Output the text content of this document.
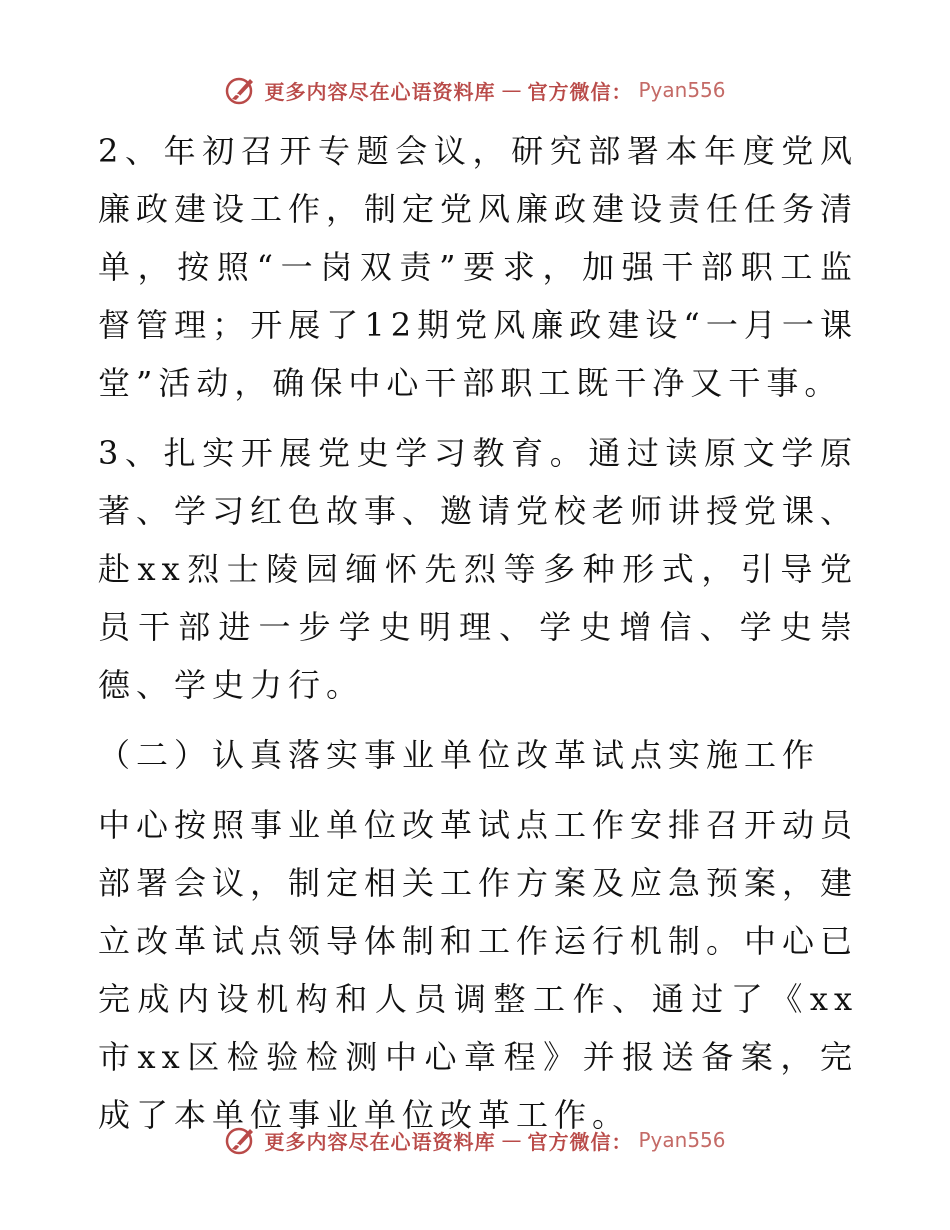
更多内容尽在心语资料库 — 官方微信： Pyan556

2、年初召开专题会议，研究部署本年度党风廉政建设工作，制定党风廉政建设责任任务清单，按照“一岗双责”要求，加强干部职工监督管理；开展了12期党风廉政建设“一月一课堂”活动，确保中心干部职工既干净又干事。

3、扎实开展党史学习教育。通过读原文学原著、学习红色故事、邀请党校老师讲授党课、赴xx烈士陵园缅怀先烈等多种形式，引导党员干部进一步学史明理、学史增信、学史崇德、学史力行。

（二）认真落实事业单位改革试点实施工作

中心按照事业单位改革试点工作安排召开动员部署会议，制定相关工作方案及应急预案，建立改革试点领导体制和工作运行机制。中心已完成内设机构和人员调整工作、通过了《xx市xx区检验检测中心章程》并报送备案，完成了本单位事业单位改革工作。

更多内容尽在心语资料库 — 官方微信： Pyan556
